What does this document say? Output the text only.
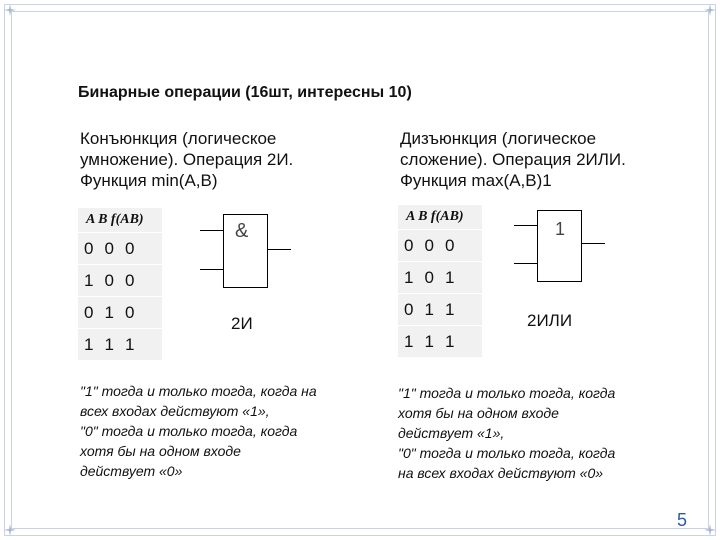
Бинарные операции (16шт, интересны 10)
Конъюнкция (логическое
умножение). Операция 2И.
Функция min(A,B)
A B f(AB)
0 0 0
1 0 0
0 1 0
1 1 1
&
2И
"1" тогда и только тогда, когда на
всех входах действуют «1»,
"0" тогда и только тогда, когда
хотя бы на одном входе
действует «0»
Дизъюнкция (логическое
сложение). Операция 2ИЛИ.
Функция max(A,B)1
A B f(AB)
0 0 0
1 0 1
0 1 1
1 1 1
1
2ИЛИ
"1" тогда и только тогда, когда
хотя бы на одном входе
действует «1»,
"0" тогда и только тогда, когда
на всех входах действуют «0»
5
